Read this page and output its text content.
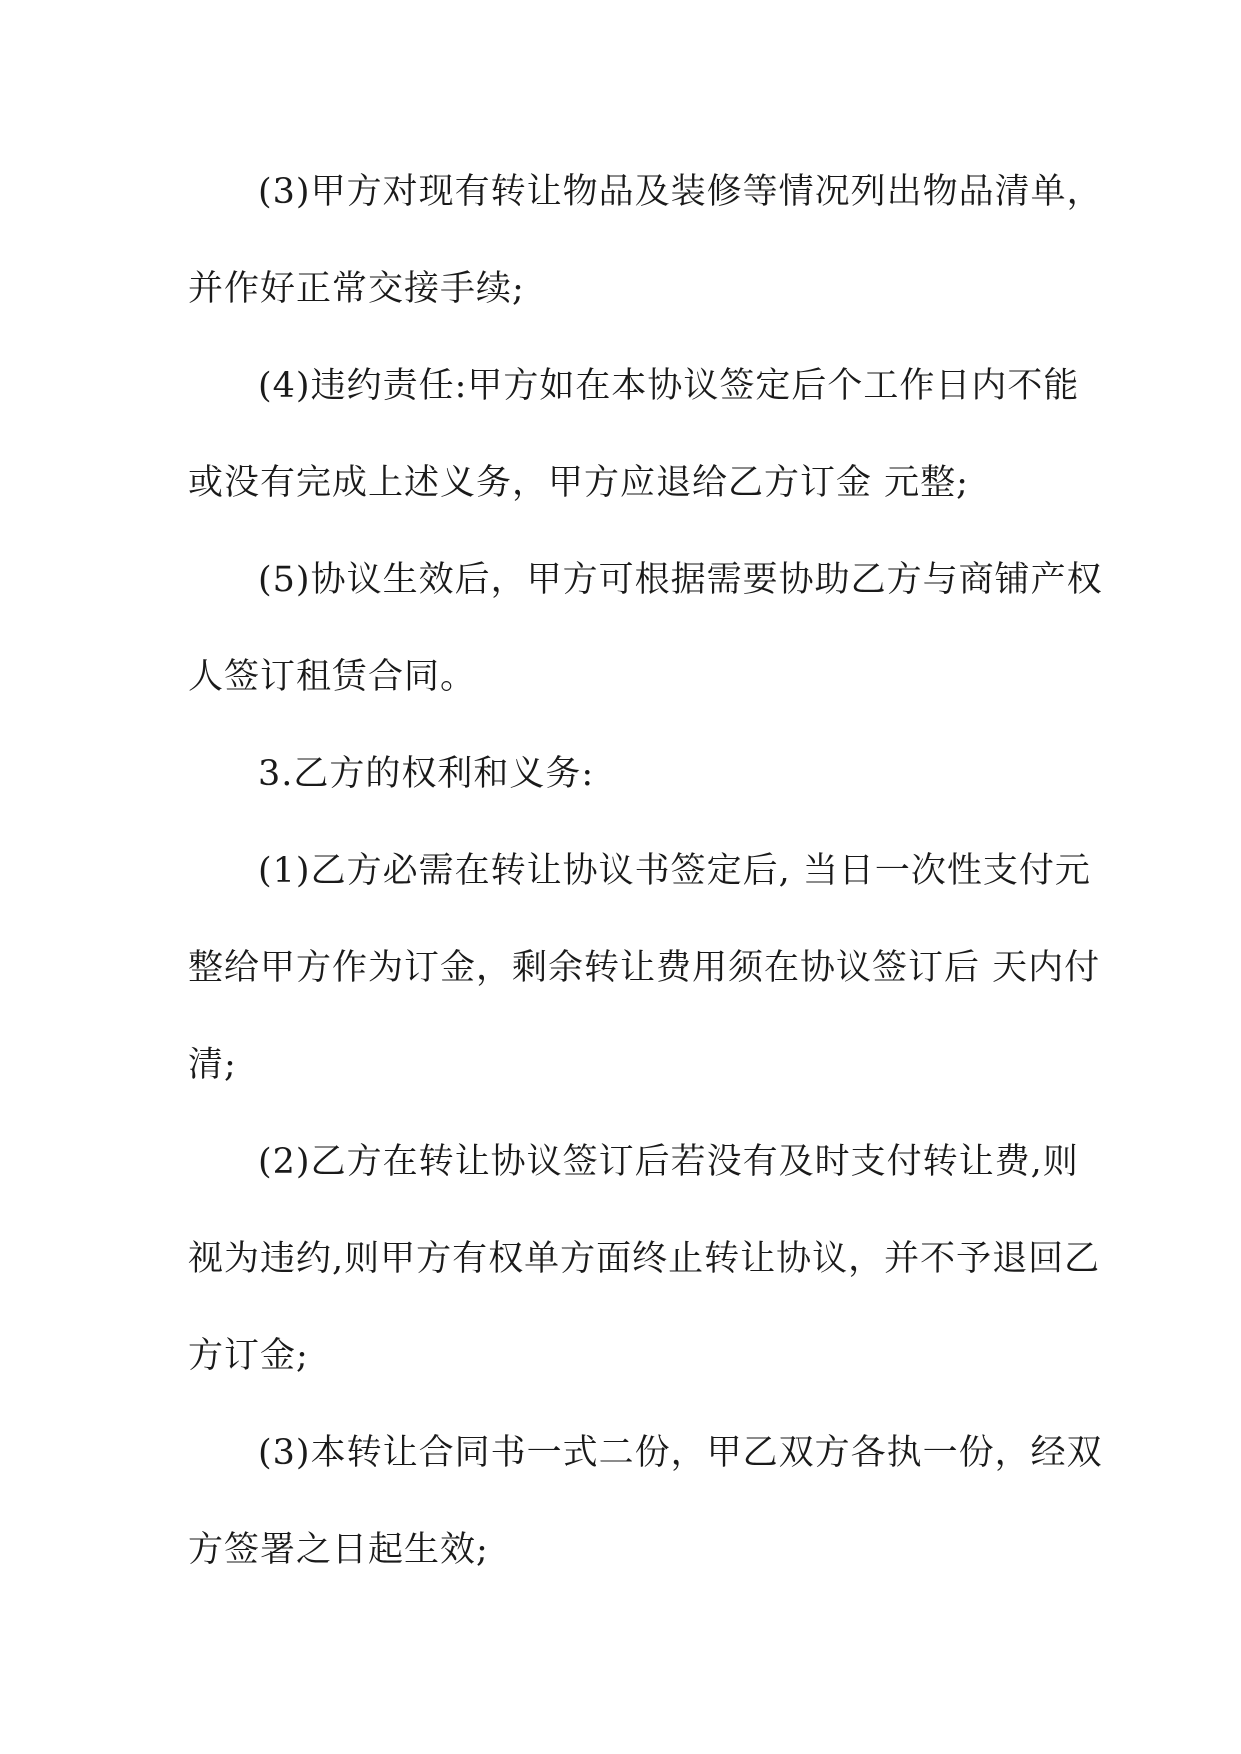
(3)甲方对现有转让物品及装修等情况列出物品清单，
并作好正常交接手续;
(4)违约责任:甲方如在本协议签定后个工作日内不能
或没有完成上述义务，甲方应退给乙方订金 元整;
(5)协议生效后，甲方可根据需要协助乙方与商铺产权
人签订租赁合同。
3.乙方的权利和义务:
(1)乙方必需在转让协议书签定后, 当日一次性支付元
整给甲方作为订金，剩余转让费用须在协议签订后 天内付
清;
(2)乙方在转让协议签订后若没有及时支付转让费,则
视为违约,则甲方有权单方面终止转让协议，并不予退回乙
方订金;
(3)本转让合同书一式二份，甲乙双方各执一份，经双
方签署之日起生效;
